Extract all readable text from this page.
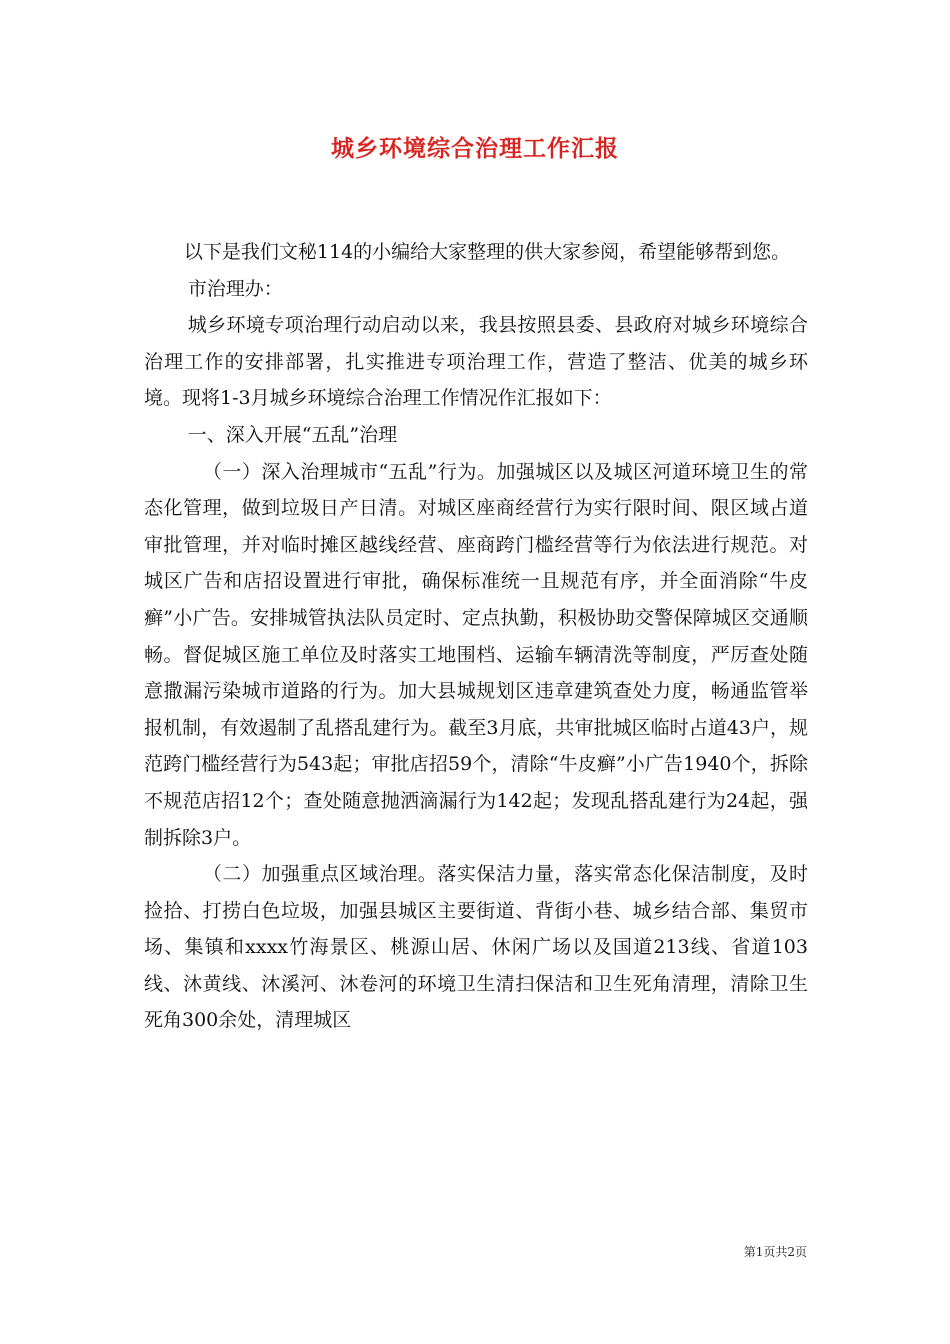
城乡环境综合治理工作汇报

以下是我们文秘114的小编给大家整理的供大家参阅，希望能够帮到您。

市治理办：

城乡环境专项治理行动启动以来，我县按照县委、县政府对城乡环境综合治理工作的安排部署，扎实推进专项治理工作，营造了整洁、优美的城乡环境。现将1-3月城乡环境综合治理工作情况作汇报如下：

一、深入开展“五乱”治理

（一）深入治理城市“五乱”行为。加强城区以及城区河道环境卫生的常态化管理，做到垃圾日产日清。对城区座商经营行为实行限时间、限区域占道审批管理，并对临时摊区越线经营、座商跨门槛经营等行为依法进行规范。对城区广告和店招设置进行审批，确保标准统一且规范有序，并全面消除“牛皮癣”小广告。安排城管执法队员定时、定点执勤，积极协助交警保障城区交通顺畅。督促城区施工单位及时落实工地围档、运输车辆清洗等制度，严厉查处随意撒漏污染城市道路的行为。加大县城规划区违章建筑查处力度，畅通监管举报机制，有效遏制了乱搭乱建行为。截至3月底，共审批城区临时占道43户，规范跨门槛经营行为543起；审批店招59个，清除“牛皮癣”小广告1940个，拆除不规范店招12个；查处随意抛洒滴漏行为142起；发现乱搭乱建行为24起，强制拆除3户。

（二）加强重点区域治理。落实保洁力量，落实常态化保洁制度，及时捡拾、打捞白色垃圾，加强县城区主要街道、背街小巷、城乡结合部、集贸市场、集镇和xxxx竹海景区、桃源山居、休闲广场以及国道213线、省道103线、沐黄线、沐溪河、沐卷河的环境卫生清扫保洁和卫生死角清理，清除卫生死角300余处，清理城区

第1页共2页
